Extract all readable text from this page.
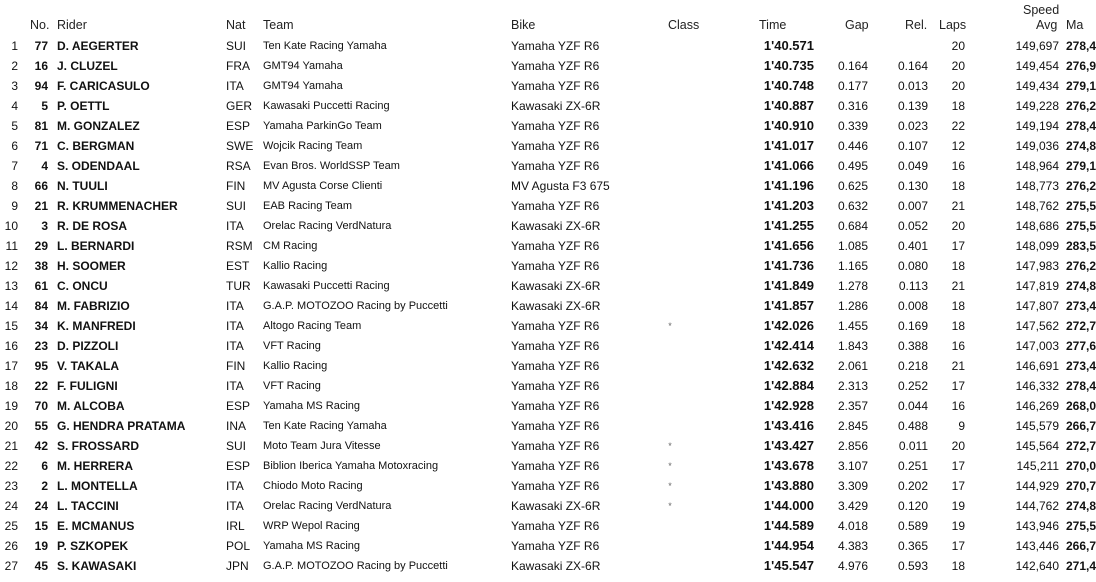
Speed
No. Rider	Nat Team	Bike	Class	Time	Gap	Rel. Laps	Avg Ma
1	77 D. AEGERTER	SUI Ten Kate Racing Yamaha	Yamaha YZF R6	1'40.571	20	149,697 278,4
2	16 J. CLUZEL	FRA GMT94 Yamaha	Yamaha YZF R6	1'40.735	0.164	0.164	20	149,454 276,9
3	94 F. CARICASULO	ITA GMT94 Yamaha	Yamaha YZF R6	1'40.748	0.177	0.013	20	149,434 279,1
4	5 P. OETTL	GER Kawasaki Puccetti Racing	Kawasaki ZX-6R	1'40.887	0.316	0.139	18	149,228 276,2
5	81 M. GONZALEZ	ESP Yamaha ParkinGo Team	Yamaha YZF R6	1'40.910	0.339	0.023	22	149,194 278,4
6	71 C. BERGMAN	SWE Wojcik Racing Team	Yamaha YZF R6	1'41.017	0.446	0.107	12	149,036 274,8
7	4 S. ODENDAAL	RSA Evan Bros. WorldSSP Team	Yamaha YZF R6	1'41.066	0.495	0.049	16	148,964 279,1
8	66 N. TUULI	FIN MV Agusta Corse Clienti	MV Agusta F3 675	1'41.196	0.625	0.130	18	148,773 276,2
9	21 R. KRUMMENACHER	SUI EAB Racing Team	Yamaha YZF R6	1'41.203	0.632	0.007	21	148,762 275,5
10	3 R. DE ROSA	ITA Orelac Racing VerdNatura	Kawasaki ZX-6R	1'41.255	0.684	0.052	20	148,686 275,5
11	29 L. BERNARDI	RSM CM Racing	Yamaha YZF R6	1'41.656	1.085	0.401	17	148,099 283,5
12	38 H. SOOMER	EST Kallio Racing	Yamaha YZF R6	1'41.736	1.165	0.080	18	147,983 276,2
13	61 C. ONCU	TUR Kawasaki Puccetti Racing	Kawasaki ZX-6R	1'41.849	1.278	0.113	21	147,819 274,8
14	84 M. FABRIZIO	ITA G.A.P. MOTOZOO Racing by Puccetti	Kawasaki ZX-6R	1'41.857	1.286	0.008	18	147,807 273,4
15	34 K. MANFREDI	ITA Altogo Racing Team	Yamaha YZF R6	*	1'42.026	1.455	0.169	18	147,562 272,7
16	23 D. PIZZOLI	ITA VFT Racing	Yamaha YZF R6	1'42.414	1.843	0.388	16	147,003 277,6
17	95 V. TAKALA	FIN Kallio Racing	Yamaha YZF R6	1'42.632	2.061	0.218	21	146,691 273,4
18	22 F. FULIGNI	ITA VFT Racing	Yamaha YZF R6	1'42.884	2.313	0.252	17	146,332 278,4
19	70 M. ALCOBA	ESP Yamaha MS Racing	Yamaha YZF R6	1'42.928	2.357	0.044	16	146,269 268,0
20	55 G. HENDRA PRATAMA	INA Ten Kate Racing Yamaha	Yamaha YZF R6	1'43.416	2.845	0.488	9	145,579 266,7
21	42 S. FROSSARD	SUI Moto Team Jura Vitesse	Yamaha YZF R6	*	1'43.427	2.856	0.011	20	145,564 272,7
22	6 M. HERRERA	ESP Biblion Iberica Yamaha Motoxracing	Yamaha YZF R6	*	1'43.678	3.107	0.251	17	145,211 270,0
23	2 L. MONTELLA	ITA Chiodo Moto Racing	Yamaha YZF R6	*	1'43.880	3.309	0.202	17	144,929 270,7
24	24 L. TACCINI	ITA Orelac Racing VerdNatura	Kawasaki ZX-6R	*	1'44.000	3.429	0.120	19	144,762 274,8
25	15 E. MCMANUS	IRL WRP Wepol Racing	Yamaha YZF R6	1'44.589	4.018	0.589	19	143,946 275,5
26	19 P. SZKOPEK	POL Yamaha MS Racing	Yamaha YZF R6	1'44.954	4.383	0.365	17	143,446 266,7
27	45 S. KAWASAKI	JPN G.A.P. MOTOZOO Racing by Puccetti	Kawasaki ZX-6R	1'45.547	4.976	0.593	18	142,640 271,4
